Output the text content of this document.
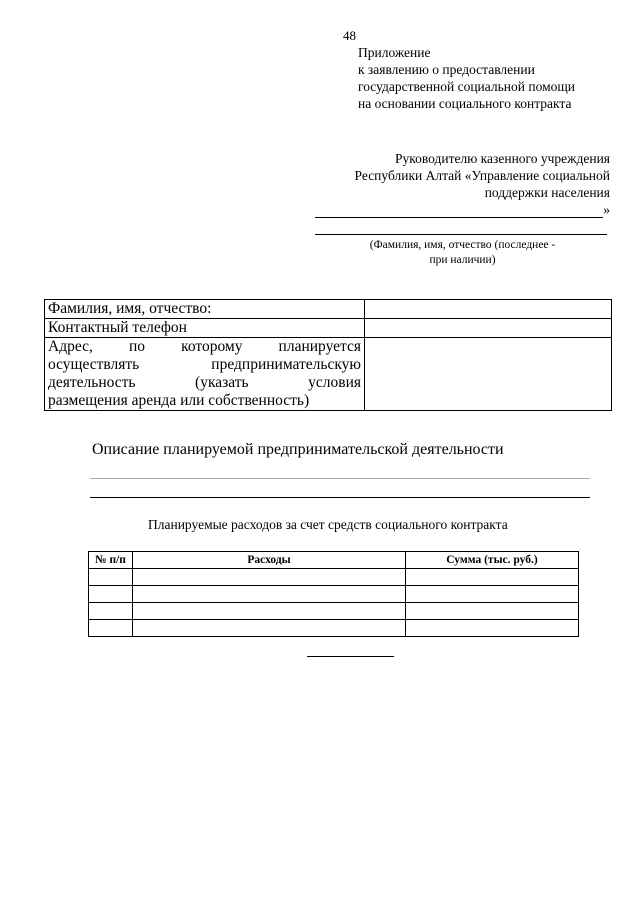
48
Приложение
к заявлению о предоставлении
государственной социальной помощи
на основании социального контракта
Руководителю казенного учреждения
Республики Алтай «Управление социальной
поддержки населения
»
(Фамилия, имя, отчество (последнее -
при наличии)
Фамилия, имя, отчество:	
Контактный телефон	

Адрес, по которому планируется
осуществлять предпринимательскую
деятельность (указать условия
размещения аренда или собственность)	

Описание планируемой предпринимательской деятельности
Планируемые расходов за счет средств социального контракта
№ п/п	Расходы	Сумма (тыс. руб.)
